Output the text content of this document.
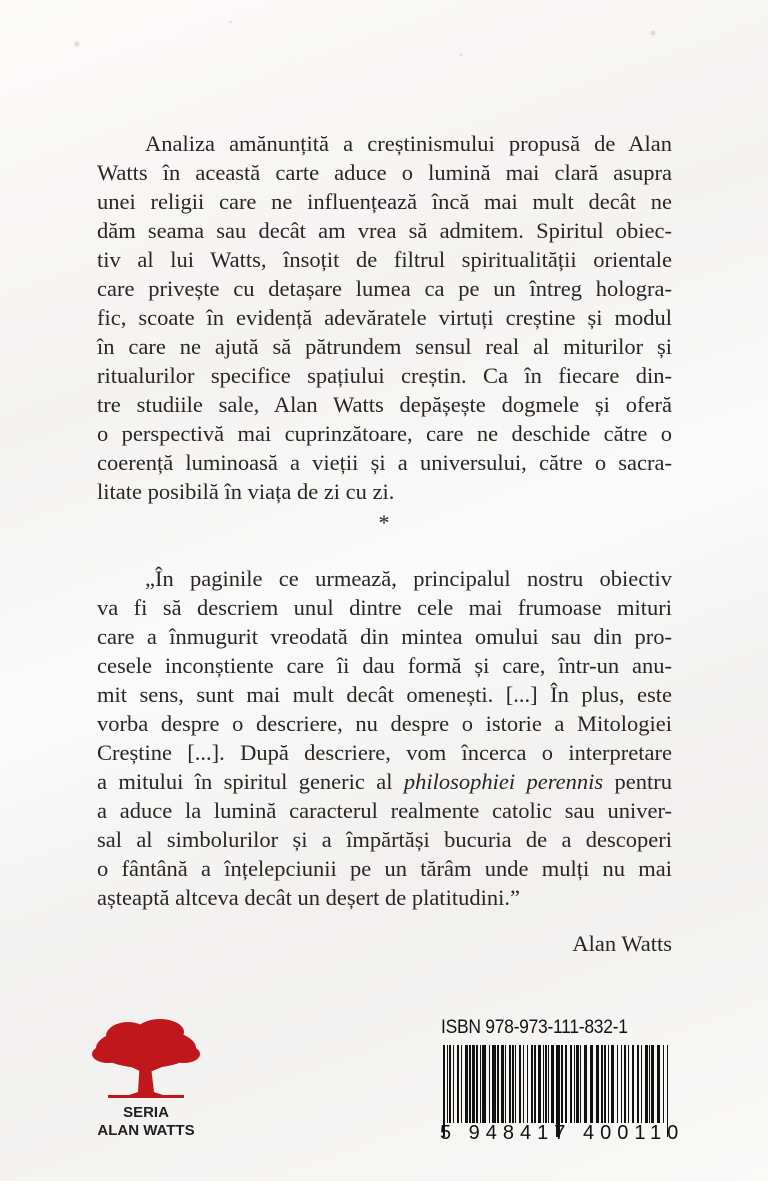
Analiza amănunțită a creștinismului propusă de Alan
Watts în această carte aduce o lumină mai clară asupra
unei religii care ne influențează încă mai mult decât ne
dăm seama sau decât am vrea să admitem. Spiritul obiec-
tiv al lui Watts, însoțit de filtrul spiritualității orientale
care privește cu detașare lumea ca pe un întreg hologra-
fic, scoate în evidență adevăratele virtuți creștine și modul
în care ne ajută să pătrundem sensul real al miturilor și
ritualurilor specifice spațiului creștin. Ca în fiecare din-
tre studiile sale, Alan Watts depășește dogmele și oferă
o perspectivă mai cuprinzătoare, care ne deschide către o
coerență luminoasă a vieții și a universului, către o sacra-
litate posibilă în viața de zi cu zi.
*
„În paginile ce urmează, principalul nostru obiectiv
va fi să descriem unul dintre cele mai frumoase mituri
care a înmugurit vreodată din mintea omului sau din pro-
cesele inconștiente care îi dau formă și care, într-un anu-
mit sens, sunt mai mult decât omenești. [...] În plus, este
vorba despre o descriere, nu despre o istorie a Mitologiei
Creștine [...]. După descriere, vom încerca o interpretare
a mitului în spiritul generic al philosophiei perennis pentru
a aduce la lumină caracterul realmente catolic sau univer-
sal al simbolurilor și a împărtăși bucuria de a descoperi
o fântână a înțelepciunii pe un tărâm unde mulți nu mai
așteaptă altceva decât un deșert de platitudini.”
Alan Watts
SERIA
ALAN WATTS
ISBN 978-973-111-832-1
5 948417 400110
